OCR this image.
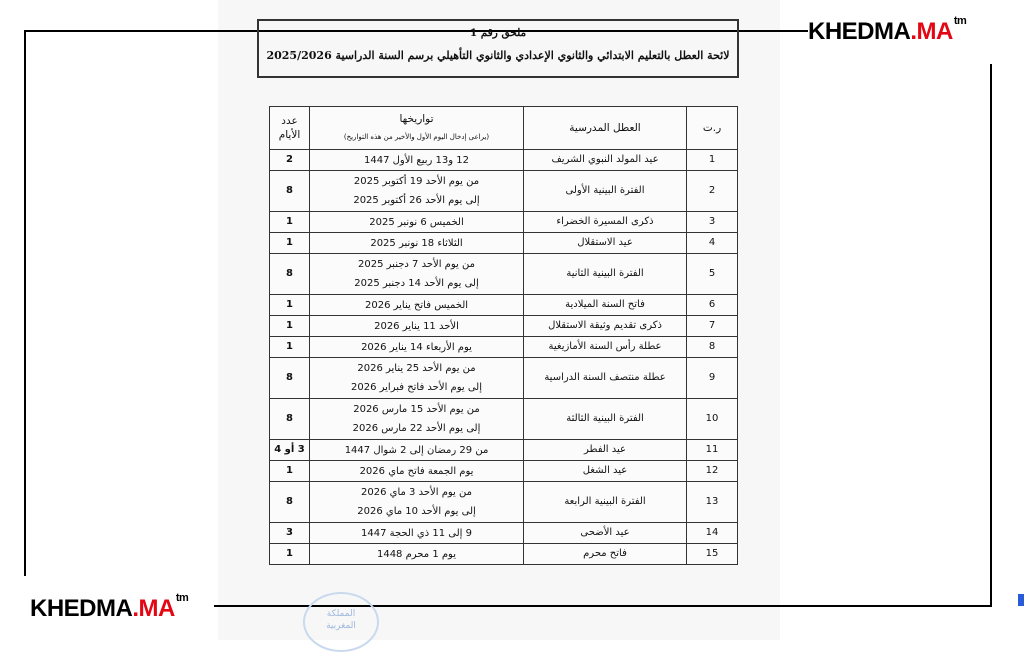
$KHEDMA.MA^{tm}$
$KHEDMA.MA^{tm}$
ملحق رقم 1
لائحة العطل بالتعليم الابتدائي والثانوي الإعدادي والثانوي التأهيلي برسم السنة الدراسية 2025/2026
ر.ت	العطل المدرسية	تواريخها
(يراعى إدخال اليوم الأول والأخير من هذه التواريخ)	عدد الأيام
1	عيد المولد النبوي الشريف	12 و13 ربيع الأول 1447	2
2	الفترة البينية الأولى	من يوم الأحد 19 أكتوبر 2025
إلى يوم الأحد 26 أكتوبر 2025	8
3	ذكرى المسيرة الخضراء	الخميس 6 نونبر 2025	1
4	عيد الاستقلال	الثلاثاء 18 نونبر 2025	1
5	الفترة البينية الثانية	من يوم الأحد 7 دجنبر 2025
إلى يوم الأحد 14 دجنبر 2025	8
6	فاتح السنة الميلادية	الخميس فاتح يناير 2026	1
7	ذكرى تقديم وثيقة الاستقلال	الأحد 11 يناير 2026	1
8	عطلة رأس السنة الأمازيغية	يوم الأربعاء 14 يناير 2026	1
9	عطلة منتصف السنة الدراسية	من يوم الأحد 25 يناير 2026
إلى يوم الأحد فاتح فبراير 2026	8
10	الفترة البينية الثالثة	من يوم الأحد 15 مارس 2026
إلى يوم الأحد 22 مارس 2026	8
11	عيد الفطر	من 29 رمضان إلى 2 شوال 1447	3 أو 4
12	عيد الشغل	يوم الجمعة فاتح ماي 2026	1
13	الفترة البينية الرابعة	من يوم الأحد 3 ماي 2026
إلى يوم الأحد 10 ماي 2026	8
14	عيد الأضحى	9 إلى 11 ذي الحجة 1447	3
15	فاتح محرم	يوم 1 محرم 1448	1
المملكة
المغربية
